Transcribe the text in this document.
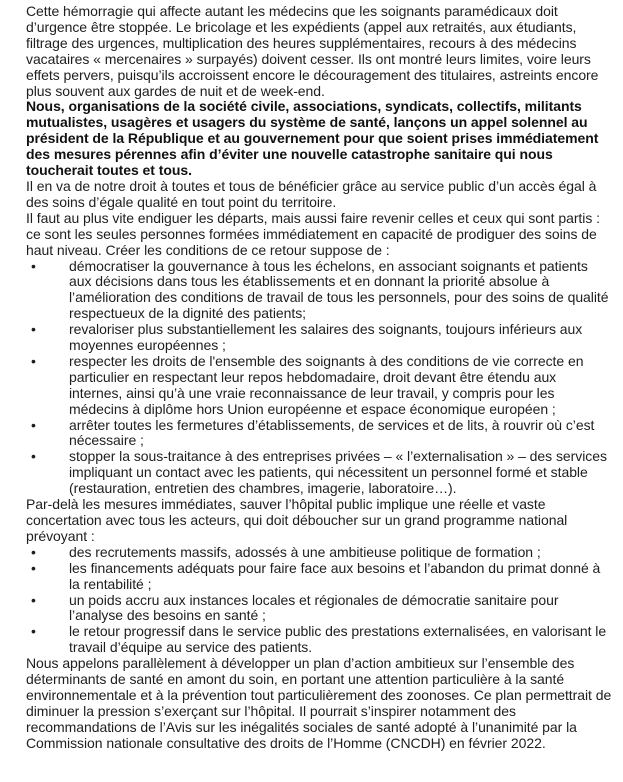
Cette hémorragie qui affecte autant les médecins que les soignants paramédicaux doit d’urgence être stoppée. Le bricolage et les expédients (appel aux retraités, aux étudiants, filtrage des urgences, multiplication des heures supplémentaires, recours à des médecins vacataires « mercenaires » surpayés) doivent cesser. Ils ont montré leurs limites, voire leurs effets pervers, puisqu’ils accroissent encore le découragement des titulaires, astreints encore plus souvent aux gardes de nuit et de week-end.

Nous, organisations de la société civile, associations, syndicats, collectifs, militants mutualistes, usagères et usagers du système de santé, lançons un appel solennel au président de la République et au gouvernement pour que soient prises immédiatement des mesures pérennes afin d’éviter une nouvelle catastrophe sanitaire qui nous toucherait toutes et tous.

Il en va de notre droit à toutes et tous de bénéficier grâce au service public d’un accès égal à des soins d’égale qualité en tout point du territoire.

Il faut au plus vite endiguer les départs, mais aussi faire revenir celles et ceux qui sont partis : ce sont les seules personnes formées immédiatement en capacité de prodiguer des soins de haut niveau. Créer les conditions de ce retour suppose de :

• démocratiser la gouvernance à tous les échelons, en associant soignants et patients aux décisions dans tous les établissements et en donnant la priorité absolue à l’amélioration des conditions de travail de tous les personnels, pour des soins de qualité respectueux de la dignité des patients;
• revaloriser plus substantiellement les salaires des soignants, toujours inférieurs aux moyennes européennes ;
• respecter les droits de l'ensemble des soignants à des conditions de vie correcte en particulier en respectant leur repos hebdomadaire, droit devant être étendu aux internes, ainsi qu’à une vraie reconnaissance de leur travail, y compris pour les médecins à diplôme hors Union européenne et espace économique européen ;
• arrêter toutes les fermetures d’établissements, de services et de lits, à rouvrir où c’est nécessaire ;
• stopper la sous-traitance à des entreprises privées – « l’externalisation » – des services impliquant un contact avec les patients, qui nécessitent un personnel formé et stable (restauration, entretien des chambres, imagerie, laboratoire…).

Par-delà les mesures immédiates, sauver l’hôpital public implique une réelle et vaste concertation avec tous les acteurs, qui doit déboucher sur un grand programme national prévoyant :

• des recrutements massifs, adossés à une ambitieuse politique de formation ;
• les financements adéquats pour faire face aux besoins et l’abandon du primat donné à la rentabilité ;
• un poids accru aux instances locales et régionales de démocratie sanitaire pour l’analyse des besoins en santé ;
• le retour progressif dans le service public des prestations externalisées, en valorisant le travail d’équipe au service des patients.

Nous appelons parallèlement à développer un plan d’action ambitieux sur l’ensemble des déterminants de santé en amont du soin, en portant une attention particulière à la santé environnementale et à la prévention tout particulièrement des zoonoses. Ce plan permettrait de diminuer la pression s’exerçant sur l’hôpital. Il pourrait s’inspirer notamment des recommandations de l’Avis sur les inégalités sociales de santé adopté à l’unanimité par la Commission nationale consultative des droits de l’Homme (CNCDH) en février 2022.
